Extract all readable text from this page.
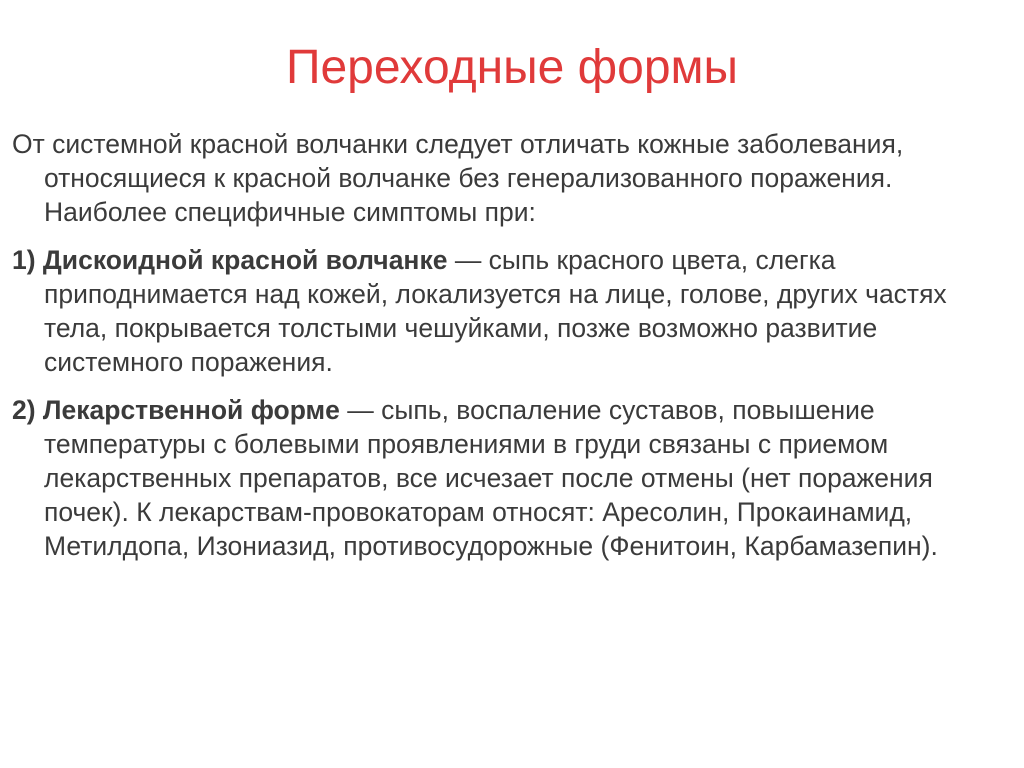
Переходные формы

От системной красной волчанки следует отличать кожные заболевания, относящиеся к красной волчанке без генерализованного поражения. Наиболее специфичные симптомы при:

1) Дискоидной красной волчанке — сыпь красного цвета, слегка приподнимается над кожей, локализуется на лице, голове, других частях тела, покрывается толстыми чешуйками, позже возможно развитие системного поражения.

2) Лекарственной форме — сыпь, воспаление суставов, повышение температуры с болевыми проявлениями в груди связаны с приемом лекарственных препаратов, все исчезает после отмены (нет поражения почек). К лекарствам-провокаторам относят: Аресолин, Прокаинамид, Метилдопа, Изониазид, противосудорожные (Фенитоин, Карбамазепин).
